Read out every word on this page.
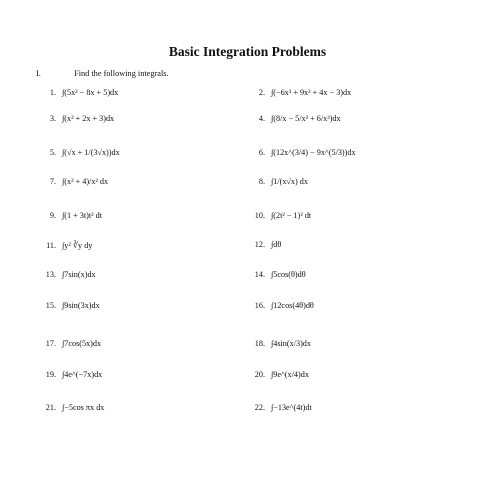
Basic Integration Problems
I.	Find the following integrals.
1. ∫(5x² − 8x + 5)dx	2. ∫(−6x³ + 9x² + 4x − 3)dx
3. ∫(x² + 2x + 3)dx	4. ∫(8/x − 5/x² + 6/x³)dx
5. ∫(√x + 1/(3√x))dx	6. ∫(12x^(3/4) − 9x^(5/3))dx
7. ∫(x² + 4)/x² dx	8. ∫1/(x√x) dx
9. ∫(1 + 3t)t² dt	10. ∫(2t² − 1)² dt
11. ∫y² ∛y dy	12. ∫dθ
13. ∫7sin(x)dx	14. ∫5cos(θ)dθ
15. ∫9sin(3x)dx	16. ∫12cos(4θ)dθ
17. ∫7cos(5x)dx	18. ∫4sin(x/3)dx
19. ∫4e^(−7x)dx	20. ∫9e^(x/4)dx
21. ∫−5cos πx dx	22. ∫−13e^(4t)dt
